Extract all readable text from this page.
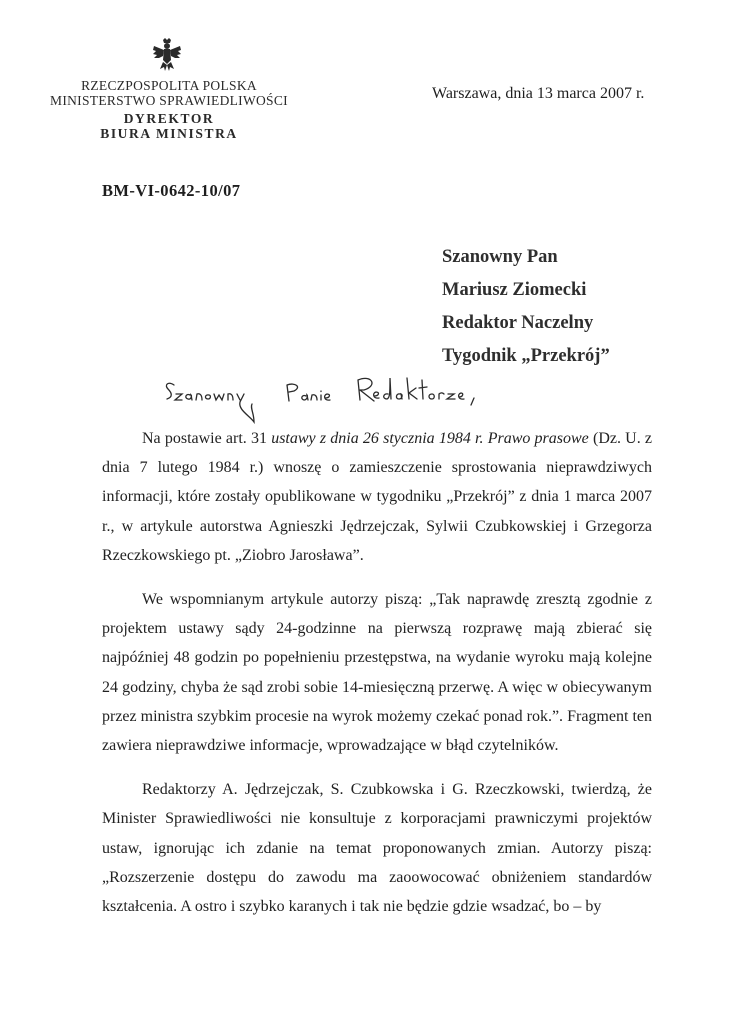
RZECZPOSPOLITA POLSKA
MINISTERSTWO SPRAWIEDLIWOŚCI
DYREKTOR
BIURA MINISTRA
Warszawa, dnia 13 marca 2007 r.
BM-VI-0642-10/07
Szanowny Pan
Mariusz Ziomecki
Redaktor Naczelny
Tygodnik „Przekrój”

Na postawie art. 31 ustawy z dnia 26 stycznia 1984 r. Prawo prasowe (Dz. U. z dnia 7 lutego 1984 r.) wnoszę o zamieszczenie sprostowania nieprawdziwych informacji, które zostały opublikowane w tygodniku „Przekrój” z dnia 1 marca 2007 r., w artykule autorstwa Agnieszki Jędrzejczak, Sylwii Czubkowskiej i Grzegorza Rzeczkowskiego pt. „Ziobro Jarosława”.

We wspomnianym artykule autorzy piszą: „Tak naprawdę zresztą zgodnie z projektem ustawy sądy 24-godzinne na pierwszą rozprawę mają zbierać się najpóźniej 48 godzin po popełnieniu przestępstwa, na wydanie wyroku mają kolejne 24 godziny, chyba że sąd zrobi sobie 14-miesięczną przerwę. A więc w obiecywanym przez ministra szybkim procesie na wyrok możemy czekać ponad rok.”. Fragment ten zawiera nieprawdziwe informacje, wprowadzające w błąd czytelników.

Redaktorzy A. Jędrzejczak, S. Czubkowska i G. Rzeczkowski, twierdzą, że Minister Sprawiedliwości nie konsultuje z korporacjami prawniczymi projektów ustaw, ignorując ich zdanie na temat proponowanych zmian. Autorzy piszą: „Rozszerzenie dostępu do zawodu ma zaoowocować obniżeniem standardów kształcenia. A ostro i szybko karanych i tak nie będzie gdzie wsadzać, bo – by
